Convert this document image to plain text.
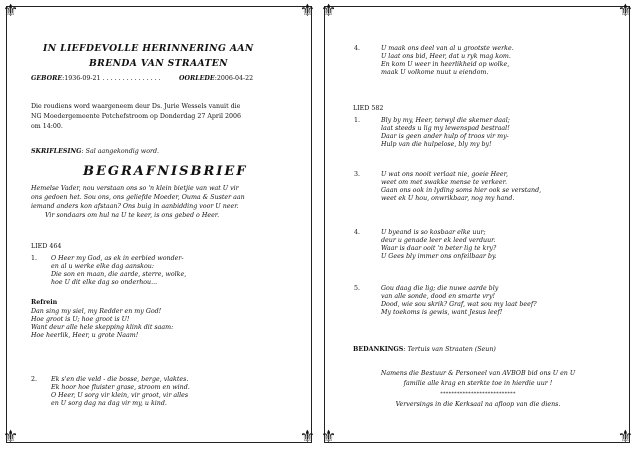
⚜	⚜
⚜	⚜
IN LIEFDEVOLLE HERINNERING AAN
BRENDA VAN STRAATEN
GEBORE:1936-09-21 . . . . . . . . . . . . . . .	OORLEDE:2006-04-22
Die roudiens word waargeneem deur Ds. Jurie Wessels vanuit die
NG Moedergemeente Potchefstroom op Donderdag 27 April 2006
om 14:00.
SKRIFLESING: Sal aangekondig word.
BEGRAFNISBRIEF
Hemelse Vader, nou verstaan ons so 'n klein bietjie van wat U vir
ons gedoen het. Sou ons, ons geliefde Moeder, Ouma & Suster aan
iemand anders kon afstaan? Ons buig in aanbidding voor U neer.
Vir sondaars om hul na U te keer, is ons gebed o Heer.
LIED 464
1. O Heer my God, as ek in eerbied wonder-
en al u werke elke dag aanskou:
Die son en maan, die aarde, sterre, wolke,
hoe U dit elke dag so onderhou...
Refrein
Dan sing my siel, my Redder en my God!
Hoe groot is U; hoe groot is U!
Want deur alle hele skepping klink dit saam:
Hoe heerlik, Heer, u grote Naam!
2. Ek s'en die veld - die bosse, berge, vlaktes.
Ek hoor hoe fluister grase, stroom en wind.
O Heer, U sorg vir klein, vir groot, vir alles
en U sorg dag na dag vir my, u kind.
⚜	⚜
⚜	⚜
4.	U maak ons deel van al u grootste werke.
U laat ons bid, Heer, dat u ryk mag kom.
En kom U weer in heerlikheid op wolke,
maak U volkome nuut u eiendom.
LIED 582
1.	Bly by my, Heer, terwyl die skemer daal;
laat steeds u lig my lewenspad bestraal!
Daar is geen ander hulp of troos vir my-
Hulp van die hulpelose, bly my by!
3.	U wat ons nooit verlaat nie, goeie Heer,
weet om met swakke mense te verkeer.
Gaan ons ook in lyding soms hier ook se verstand,
weet ek U hou, onwrikbaar, nog my hand.
4.	U byeand is so kosbaar elke uur;
deur u genade leer ek leed verduur.
Waar is daar ooit 'n beter lig te kry?
U Gees bly immer ons onfeilbaar by.
5.	Gou daag die lig; die nuwe aarde bly
van alle sonde, dood en smarte vry!
Dood, wie sou skrik? Graf, wat sou my laat beef?
My toekoms is gewis, want Jesus leef!
BEDANKINGS: Tertuis van Straaten (Seun)
Namens die Bestuur & Personeel van AVBOB bid ons U en U
familie alle krag en sterkte toe in hierdie uur !
***************************
Verversings in die Kerksaal na afloop van die diens.
